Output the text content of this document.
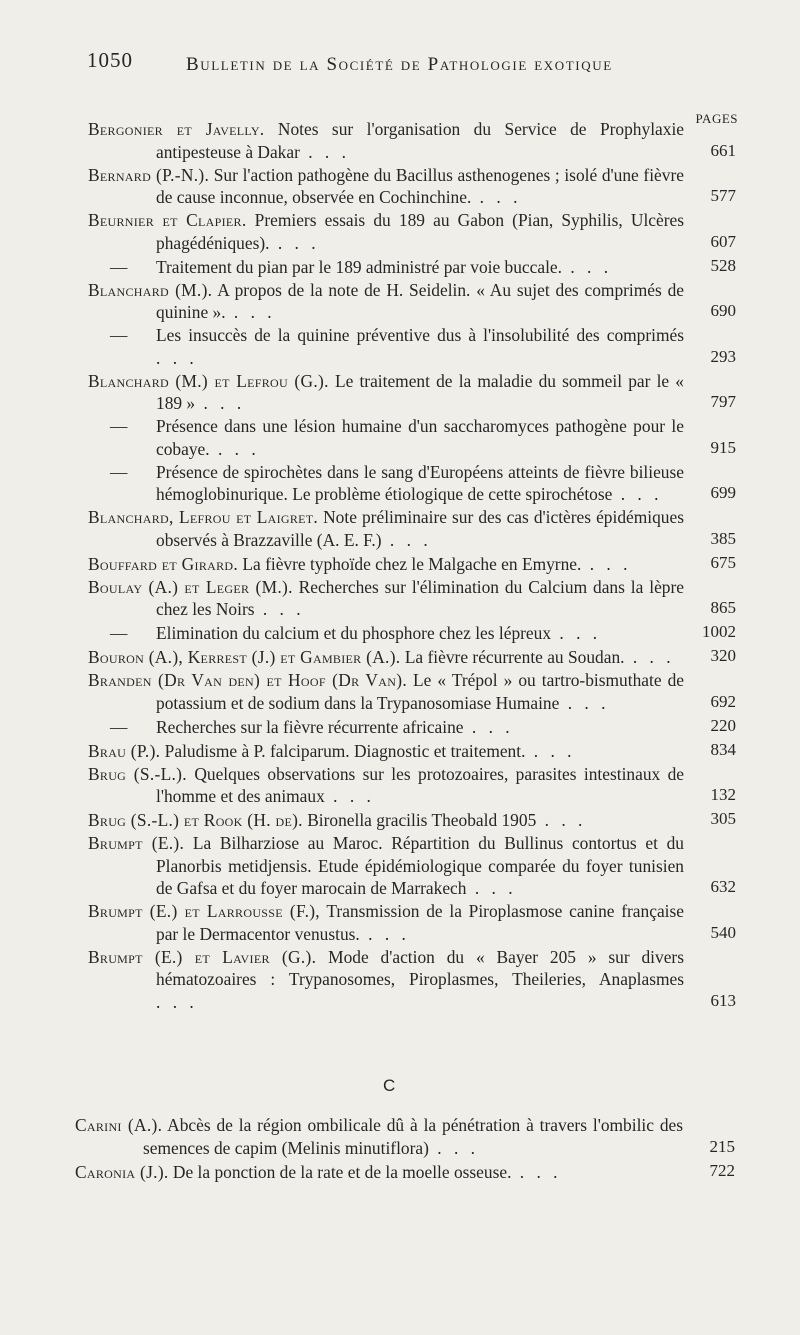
1050	Bulletin de la Société de Pathologie exotique
PAGES
Bergonier et Javelly. Notes sur l'organisation du Service de Prophylaxie antipesteuse à Dakar . . .	661
Bernard (P.-N.). Sur l'action pathogène du Bacillus asthenogenes ; isolé d'une fièvre de cause inconnue, observée en Cochinchine. . . .	577
Beurnier et Clapier. Premiers essais du 189 au Gabon (Pian, Syphilis, Ulcères phagédéniques). . . .	607
— Traitement du pian par le 189 administré par voie buccale. . . .	528
Blanchard (M.). A propos de la note de H. Seidelin. « Au sujet des comprimés de quinine ». . . .	690
— Les insuccès de la quinine préventive dus à l'insolubilité des comprimés . . .	293
Blanchard (M.) et Lefrou (G.). Le traitement de la maladie du sommeil par le « 189 » . . .	797
— Présence dans une lésion humaine d'un saccharomyces pathogène pour le cobaye. . . .	915
— Présence de spirochètes dans le sang d'Européens atteints de fièvre bilieuse hémoglobinurique. Le problème étiologique de cette spirochétose . . .	699
Blanchard, Lefrou et Laigret. Note préliminaire sur des cas d'ictères épidémiques observés à Brazzaville (A. E. F.) . . .	385
Bouffard et Girard. La fièvre typhoïde chez le Malgache en Emyrne. . . .	675
Boulay (A.) et Leger (M.). Recherches sur l'élimination du Calcium dans la lèpre chez les Noirs . . .	865
— Elimination du calcium et du phosphore chez les lépreux . . .	1002
Bouron (A.), Kerrest (J.) et Gambier (A.). La fièvre récurrente au Soudan. . . .	320
Branden (Dr Van den) et Hoof (Dr Van). Le « Trépol » ou tartro-bismuthate de potassium et de sodium dans la Trypanosomiase Humaine . . .	692
— Recherches sur la fièvre récurrente africaine . . .	220
Brau (P.). Paludisme à P. falciparum. Diagnostic et traitement. . . .	834
Brug (S.-L.). Quelques observations sur les protozoaires, parasites intestinaux de l'homme et des animaux . . .	132
Brug (S.-L.) et Rook (H. de). Bironella gracilis Theobald 1905 . . .	305
Brumpt (E.). La Bilharziose au Maroc. Répartition du Bullinus contortus et du Planorbis metidjensis. Etude épidémiologique comparée du foyer tunisien de Gafsa et du foyer marocain de Marrakech . . .	632
Brumpt (E.) et Larrousse (F.), Transmission de la Piroplasmose canine française par le Dermacentor venustus. . . .	540
Brumpt (E.) et Lavier (G.). Mode d'action du « Bayer 205 » sur divers hématozoaires : Trypanosomes, Piroplasmes, Theileries, Anaplasmes . . .	613
C
Carini (A.). Abcès de la région ombilicale dû à la pénétration à travers l'ombilic des semences de capim (Melinis minutiflora) . . .	215
Caronia (J.). De la ponction de la rate et de la moelle osseuse. . . .	722
